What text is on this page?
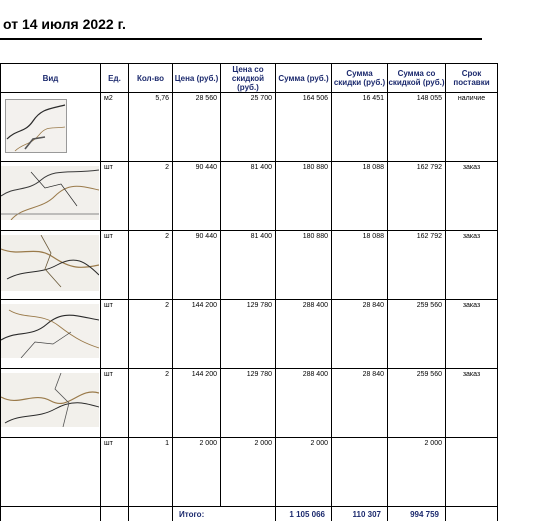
от 14 июля 2022 г.
Вид	Ед.	Кол-во	Цена (руб.)	Цена со скидкой (руб.)	Сумма (руб.)	Сумма скидки (руб.)	Сумма со скидкой (руб.)	Срок поставки

	м2	5,76	28 560	25 700	164 506	16 451	148 055	наличие

	шт	2	90 440	81 400	180 880	18 088	162 792	заказ

	шт	2	90 440	81 400	180 880	18 088	162 792	заказ

	шт	2	144 200	129 780	288 400	28 840	259 560	заказ

	шт	2	144 200	129 780	288 400	28 840	259 560	заказ
	шт	1	2 000	2 000	2 000		2 000	
			Итого:		1 105 066	110 307	994 759	
